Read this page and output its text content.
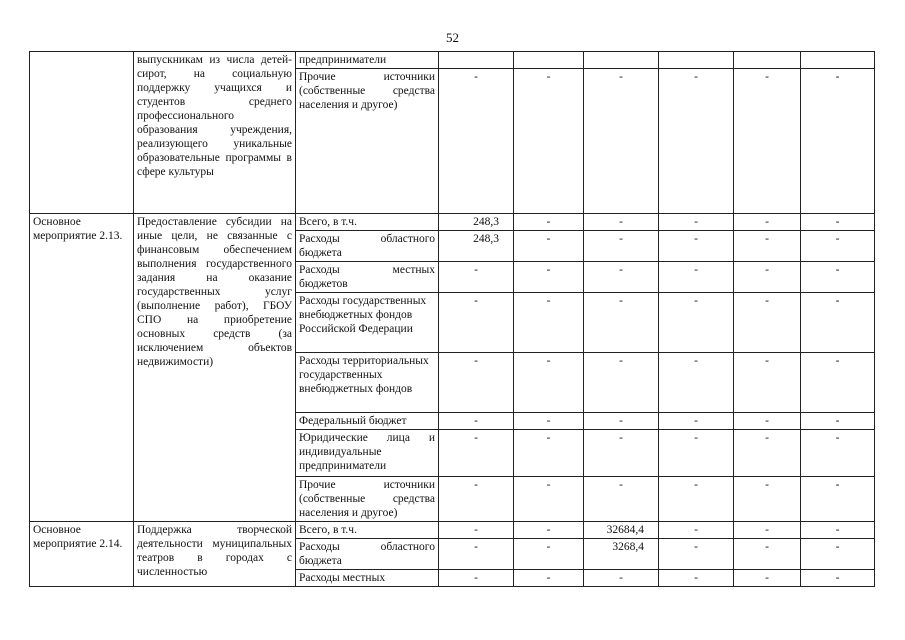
52
	выпускникам из числа детей-сирот, на социальную поддержку учащихся и студентов среднего профессионального образования учреждения, реализующего уникальные образовательные программы в сфере культуры	предприниматели						
		Прочие источники (собственные средства населения и другое)	-	-	-	-	-	-
Основное мероприятие 2.13.	Предоставление субсидии на иные цели, не связанные с финансовым обеспечением выполнения государственного задания на оказание государственных услуг (выполнение работ), ГБОУ СПО на приобретение основных средств (за исключением объектов недвижимости)	Всего, в т.ч.	248,3	-	-	-	-	-
		Расходы областного бюджета	248,3	-	-	-	-	-
		Расходы местных бюджетов	-	-	-	-	-	-
		Расходы государственных внебюджетных фондов Российской Федерации	-	-	-	-	-	-
		Расходы территориальных государственных внебюджетных фондов	-	-	-	-	-	-
		Федеральный бюджет	-	-	-	-	-	-
		Юридические лица и индивидуальные предприниматели	-	-	-	-	-	-
		Прочие источники (собственные средства населения и другое)	-	-	-	-	-	-
Основное мероприятие 2.14.	Поддержка творческой деятельности муниципальных театров в городах с численностью	Всего, в т.ч.	-	-	32684,4	-	-	-
		Расходы областного бюджета	-	-	3268,4	-	-	-
		Расходы местных	-	-	-	-	-	-
